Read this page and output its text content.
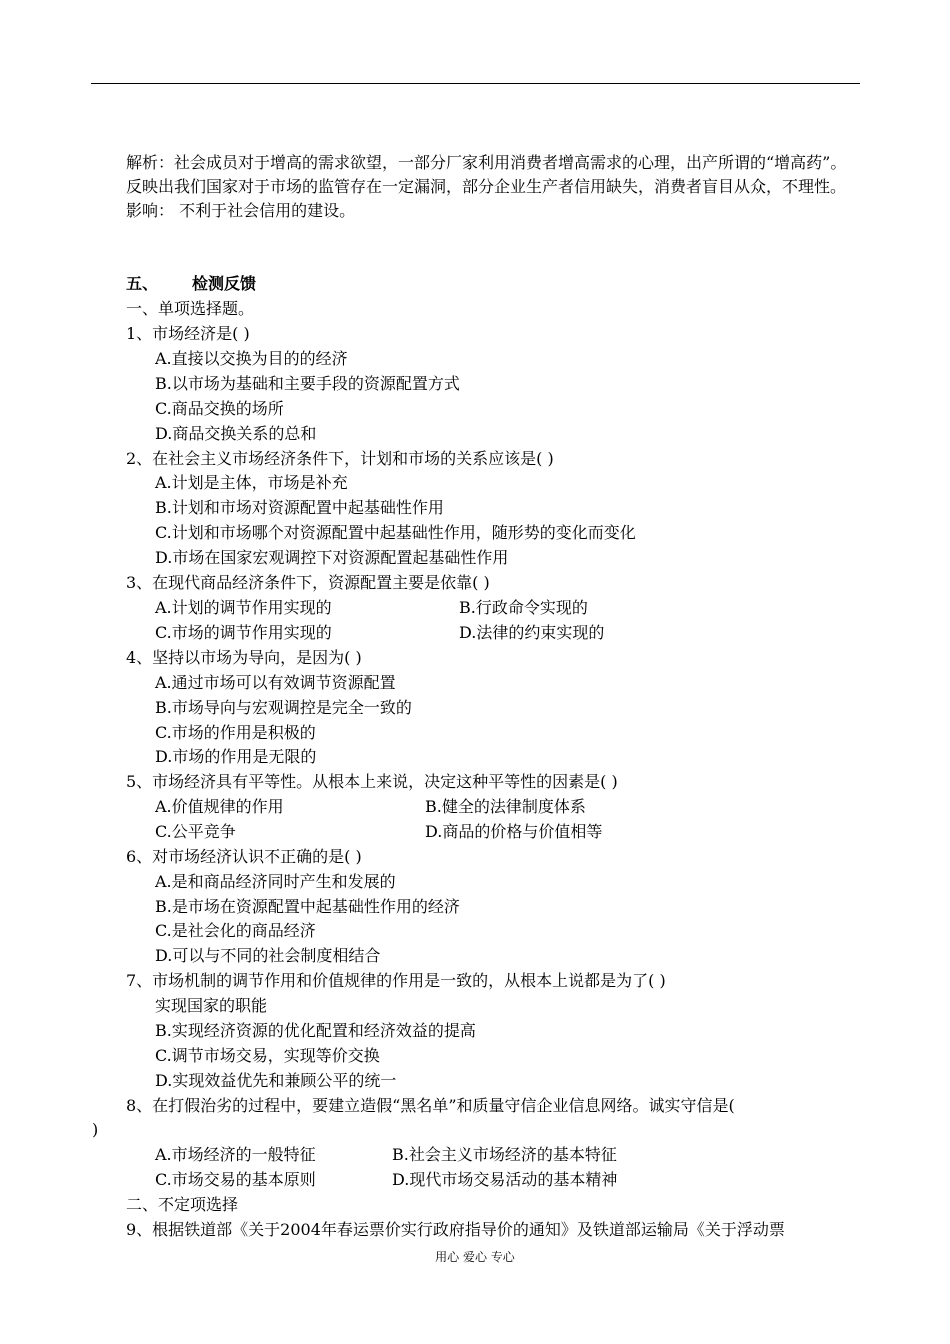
解析：社会成员对于增高的需求欲望，一部分厂家利用消费者增高需求的心理，出产所谓的“增高药”。
反映出我们国家对于市场的监管存在一定漏洞，部分企业生产者信用缺失，消费者盲目从众，不理性。
影响： 不利于社会信用的建设。
五、 检测反馈
一、单项选择题。
1、市场经济是( )
A.直接以交换为目的的经济
B.以市场为基础和主要手段的资源配置方式
C.商品交换的场所
D.商品交换关系的总和
2、在社会主义市场经济条件下，计划和市场的关系应该是( )
A.计划是主体，市场是补充
B.计划和市场对资源配置中起基础性作用
C.计划和市场哪个对资源配置中起基础性作用，随形势的变化而变化
D.市场在国家宏观调控下对资源配置起基础性作用
3、在现代商品经济条件下，资源配置主要是依靠( )
A.计划的调节作用实现的	B.行政命令实现的
C.市场的调节作用实现的	D.法律的约束实现的
4、坚持以市场为导向，是因为( )
A.通过市场可以有效调节资源配置
B.市场导向与宏观调控是完全一致的
C.市场的作用是积极的
D.市场的作用是无限的
5、市场经济具有平等性。从根本上来说，决定这种平等性的因素是( )
A.价值规律的作用	B.健全的法律制度体系
C.公平竞争	D.商品的价格与价值相等
6、对市场经济认识不正确的是( )
A.是和商品经济同时产生和发展的
B.是市场在资源配置中起基础性作用的经济
C.是社会化的商品经济
D.可以与不同的社会制度相结合
7、市场机制的调节作用和价值规律的作用是一致的，从根本上说都是为了( )
实现国家的职能
B.实现经济资源的优化配置和经济效益的提高
C.调节市场交易，实现等价交换
D.实现效益优先和兼顾公平的统一
8、在打假治劣的过程中，要建立造假“黑名单”和质量守信企业信息网络。诚实守信是(
)
A.市场经济的一般特征	B.社会主义市场经济的基本特征
C.市场交易的基本原则	D.现代市场交易活动的基本精神
二、不定项选择
9、根据铁道部《关于2004年春运票价实行政府指导价的通知》及铁道部运输局《关于浮动票
用心 爱心 专心
